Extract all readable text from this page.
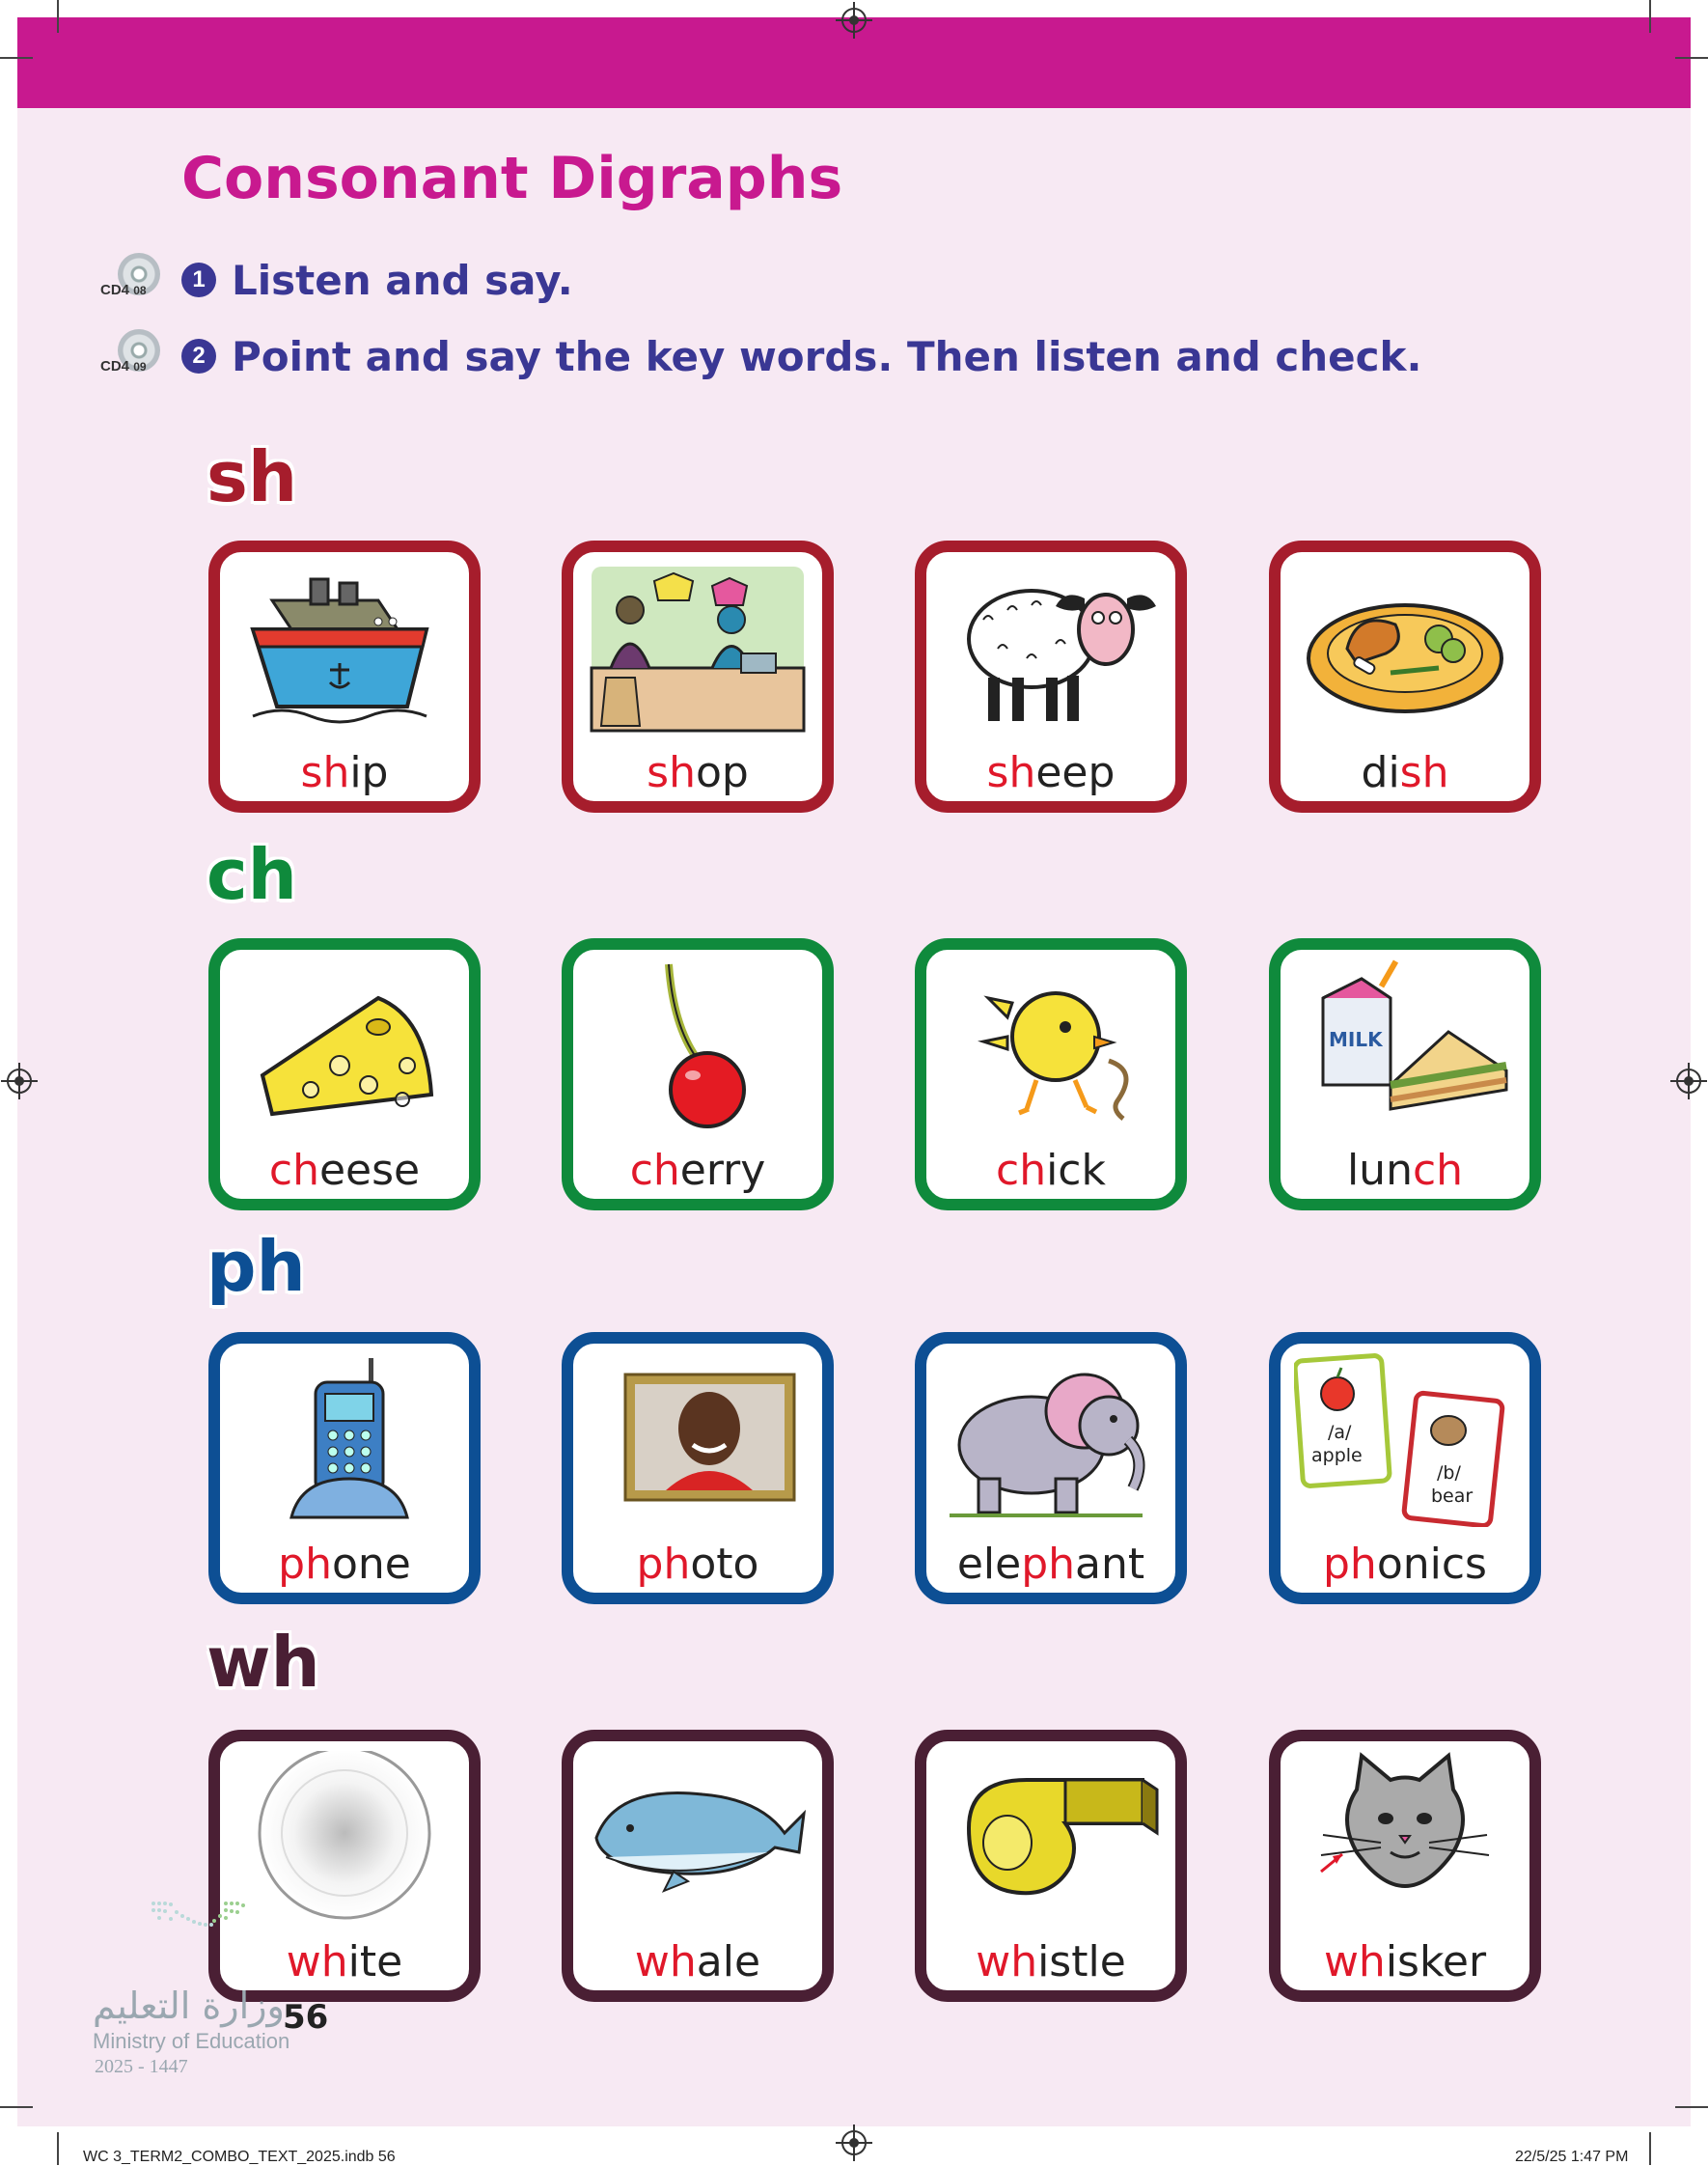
Consonant Digraphs
CD4 08	1 Listen and say.
CD4 09	2 Point and say the key words. Then listen and check.
sh
ch
ph
wh
ship	shop	sheep	dish
cheese	cherry	chick
MILK
lunch
phone	photo	elephant
/a/
apple
/b/
bear
phonics
white	whale	whistle	whisker
وزارة التعليم
Ministry of Education
2025 - 1447
56
WC 3_TERM2_COMBO_TEXT_2025.indb 56	22/5/25 1:47 PM
